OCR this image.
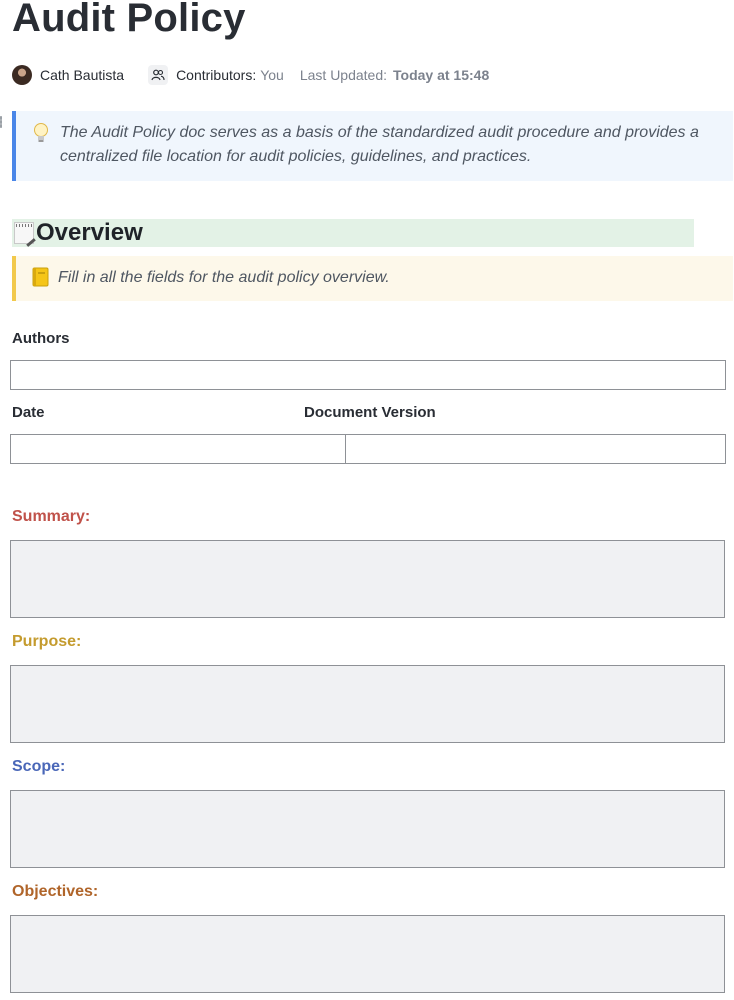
Audit Policy
Cath Bautista	Contributors: You Last Updated: Today at 15:48
The Audit Policy doc serves as a basis of the standardized audit procedure and provides a centralized file location for audit policies, guidelines, and practices.
Overview
Fill in all the fields for the audit policy overview.
Authors
Date	Document Version
Summary:
Purpose:
Scope:
Objectives:
